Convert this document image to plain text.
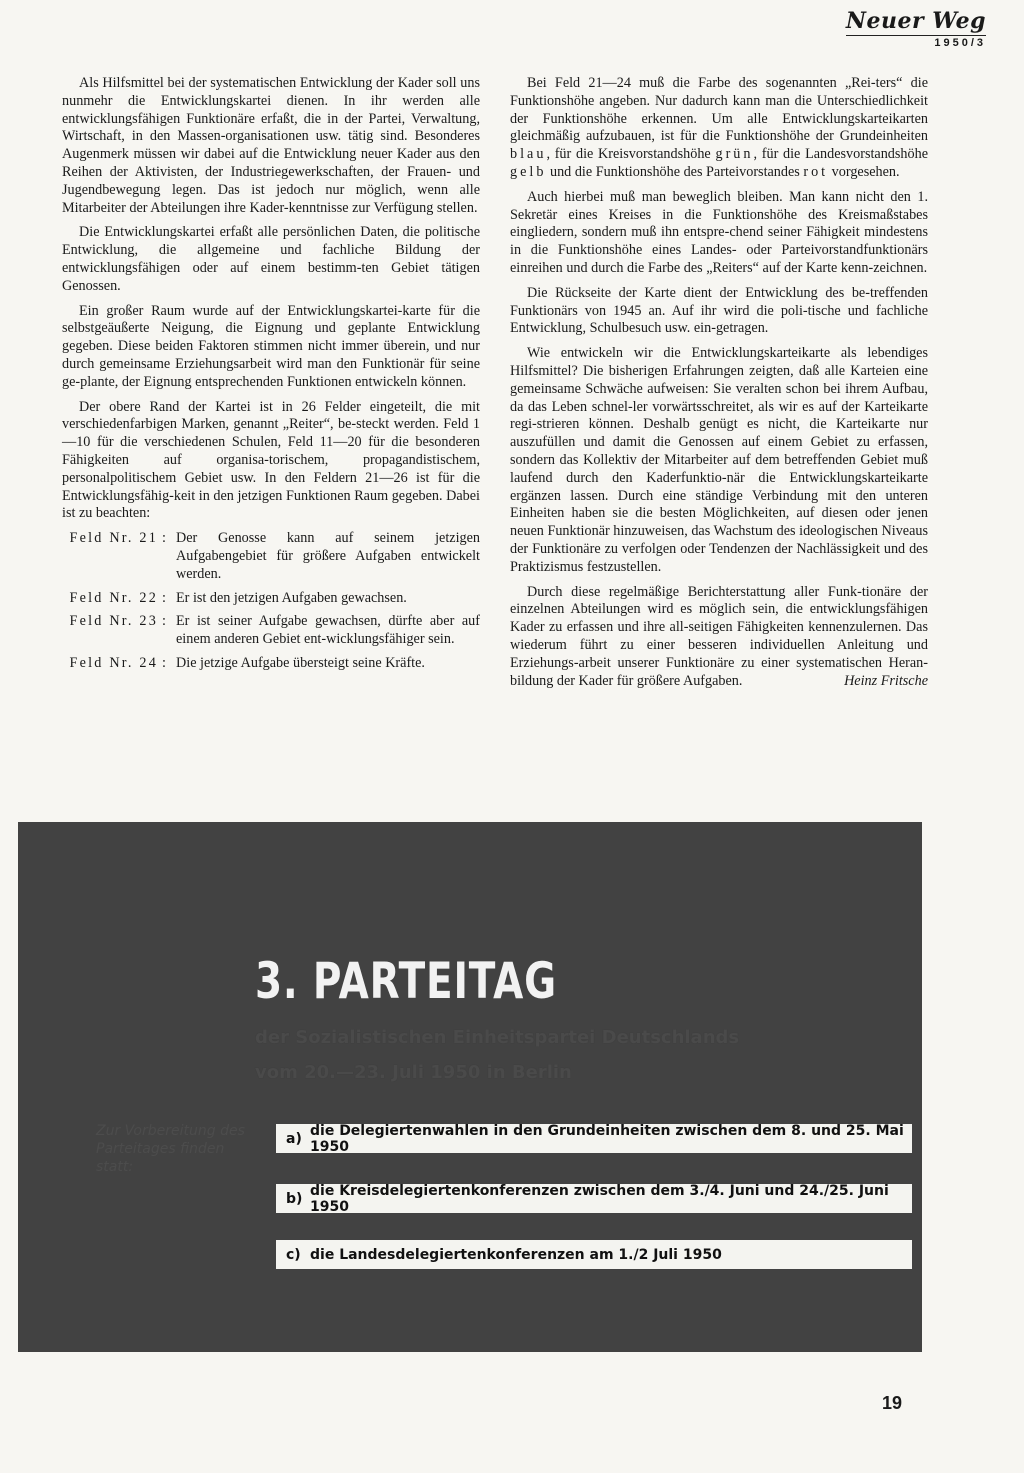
Neuer Weg
1950/3

Als Hilfsmittel bei der systematischen Entwicklung der Kader soll uns nunmehr die Entwicklungskartei dienen. In ihr werden alle entwicklungsfähigen Funktionäre erfaßt, die in der Partei, Verwaltung, Wirtschaft, in den Massen-organisationen usw. tätig sind. Besonderes Augenmerk müssen wir dabei auf die Entwicklung neuer Kader aus den Reihen der Aktivisten, der Industriegewerkschaften, der Frauen- und Jugendbewegung legen. Das ist jedoch nur möglich, wenn alle Mitarbeiter der Abteilungen ihre Kader-kenntnisse zur Verfügung stellen.

Die Entwicklungskartei erfaßt alle persönlichen Daten, die politische Entwicklung, die allgemeine und fachliche Bildung der entwicklungsfähigen oder auf einem bestimm-ten Gebiet tätigen Genossen.

Ein großer Raum wurde auf der Entwicklungskartei-karte für die selbstgeäußerte Neigung, die Eignung und geplante Entwicklung gegeben. Diese beiden Faktoren stimmen nicht immer überein, und nur durch gemeinsame Erziehungsarbeit wird man den Funktionär für seine ge-plante, der Eignung entsprechenden Funktionen entwickeln können.

Der obere Rand der Kartei ist in 26 Felder eingeteilt, die mit verschiedenfarbigen Marken, genannt „Reiter“, be-steckt werden. Feld 1—10 für die verschiedenen Schulen, Feld 11—20 für die besonderen Fähigkeiten auf organisa-torischem, propagandistischem, personalpolitischem Gebiet usw. In den Feldern 21—26 ist für die Entwicklungsfähig-keit in den jetzigen Funktionen Raum gegeben. Dabei ist zu beachten:

Feld Nr. 21 : Der Genosse kann auf seinem jetzigen Aufgabengebiet für größere Aufgaben entwickelt werden.
Feld Nr. 22 : Er ist den jetzigen Aufgaben gewachsen.
Feld Nr. 23 : Er ist seiner Aufgabe gewachsen, dürfte aber auf einem anderen Gebiet ent-wicklungsfähiger sein.
Feld Nr. 24 : Die jetzige Aufgabe übersteigt seine Kräfte.

Bei Feld 21—24 muß die Farbe des sogenannten „Rei-ters“ die Funktionshöhe angeben. Nur dadurch kann man die Unterschiedlichkeit der Funktionshöhe erkennen. Um alle Entwicklungskarteikarten gleichmäßig aufzubauen, ist für die Funktionshöhe der Grundeinheiten blau, für die Kreisvorstandshöhe grün, für die Landesvorstandshöhe gelb und die Funktionshöhe des Parteivorstandes rot vorgesehen.

Auch hierbei muß man beweglich bleiben. Man kann nicht den 1. Sekretär eines Kreises in die Funktionshöhe des Kreismaßstabes eingliedern, sondern muß ihn entspre-chend seiner Fähigkeit mindestens in die Funktionshöhe eines Landes- oder Parteivorstandfunktionärs einreihen und durch die Farbe des „Reiters“ auf der Karte kenn-zeichnen.

Die Rückseite der Karte dient der Entwicklung des be-treffenden Funktionärs von 1945 an. Auf ihr wird die poli-tische und fachliche Entwicklung, Schulbesuch usw. ein-getragen.

Wie entwickeln wir die Entwicklungskarteikarte als lebendiges Hilfsmittel? Die bisherigen Erfahrungen zeigten, daß alle Karteien eine gemeinsame Schwäche aufweisen: Sie veralten schon bei ihrem Aufbau, da das Leben schnel-ler vorwärtsschreitet, als wir es auf der Karteikarte regi-strieren können. Deshalb genügt es nicht, die Karteikarte nur auszufüllen und damit die Genossen auf einem Gebiet zu erfassen, sondern das Kollektiv der Mitarbeiter auf dem betreffenden Gebiet muß laufend durch den Kaderfunktio-när die Entwicklungskarteikarte ergänzen lassen. Durch eine ständige Verbindung mit den unteren Einheiten haben sie die besten Möglichkeiten, auf diesen oder jenen neuen Funktionär hinzuweisen, das Wachstum des ideologischen Niveaus der Funktionäre zu verfolgen oder Tendenzen der Nachlässigkeit und des Praktizismus festzustellen.

Durch diese regelmäßige Berichterstattung aller Funk-tionäre der einzelnen Abteilungen wird es möglich sein, die entwicklungsfähigen Kader zu erfassen und ihre all-seitigen Fähigkeiten kennenzulernen. Das wiederum führt zu einer besseren individuellen Anleitung und Erziehungs-arbeit unserer Funktionäre zu einer systematischen Heran-bildung der Kader für größere Aufgaben.	Heinz Fritsche

3. PARTEITAG
der Sozialistischen Einheitspartei Deutschlands
vom 20.—23. Juli 1950 in Berlin
Zur Vorbereitung des Parteitages finden statt:
a) die Delegiertenwahlen in den Grundeinheiten zwischen dem 8. und 25. Mai 1950
b) die Kreisdelegiertenkonferenzen zwischen dem 3./4. Juni und 24./25. Juni 1950
c) die Landesdelegiertenkonferenzen am 1./2 Juli 1950
19
